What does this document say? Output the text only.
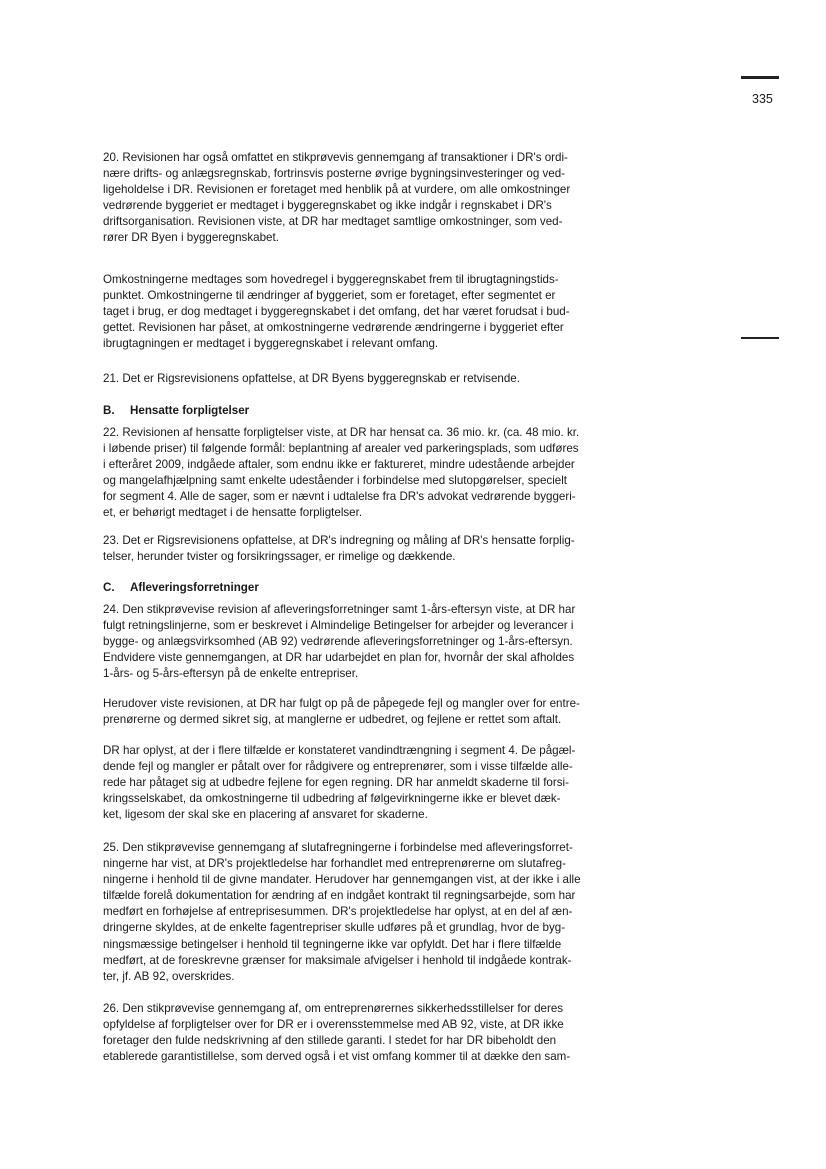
335
20. Revisionen har også omfattet en stikprøvevis gennemgang af transaktioner i DR's ordi-
nære drifts- og anlægsregnskab, fortrinsvis posterne øvrige bygningsinvesteringer og ved-
ligeholdelse i DR. Revisionen er foretaget med henblik på at vurdere, om alle omkostninger
vedrørende byggeriet er medtaget i byggeregnskabet og ikke indgår i regnskabet i DR's
driftsorganisation. Revisionen viste, at DR har medtaget samtlige omkostninger, som ved-
rører DR Byen i byggeregnskabet.
Omkostningerne medtages som hovedregel i byggeregnskabet frem til ibrugtagningstids-
punktet. Omkostningerne til ændringer af byggeriet, som er foretaget, efter segmentet er
taget i brug, er dog medtaget i byggeregnskabet i det omfang, det har været forudsat i bud-
gettet. Revisionen har påset, at omkostningerne vedrørende ændringerne i byggeriet efter
ibrugtagningen er medtaget i byggeregnskabet i relevant omfang.
21. Det er Rigsrevisionens opfattelse, at DR Byens byggeregnskab er retvisende.
B.	Hensatte forpligtelser
22. Revisionen af hensatte forpligtelser viste, at DR har hensat ca. 36 mio. kr. (ca. 48 mio. kr.
i løbende priser) til følgende formål: beplantning af arealer ved parkeringsplads, som udføres
i efteråret 2009, indgåede aftaler, som endnu ikke er faktureret, mindre udestående arbejder
og mangelafhjælpning samt enkelte udeståender i forbindelse med slutopgørelser, specielt
for segment 4. Alle de sager, som er nævnt i udtalelse fra DR's advokat vedrørende byggeri-
et, er behørigt medtaget i de hensatte forpligtelser.
23. Det er Rigsrevisionens opfattelse, at DR's indregning og måling af DR's hensatte forplig-
telser, herunder tvister og forsikringssager, er rimelige og dækkende.
C.	Afleveringsforretninger
24. Den stikprøvevise revision af afleveringsforretninger samt 1-års-eftersyn viste, at DR har
fulgt retningslinjerne, som er beskrevet i Almindelige Betingelser for arbejder og leverancer i
bygge- og anlægsvirksomhed (AB 92) vedrørende afleveringsforretninger og 1-års-eftersyn.
Endvidere viste gennemgangen, at DR har udarbejdet en plan for, hvornår der skal afholdes
1-års- og 5-års-eftersyn på de enkelte entrepriser.
Herudover viste revisionen, at DR har fulgt op på de påpegede fejl og mangler over for entre-
prenørerne og dermed sikret sig, at manglerne er udbedret, og fejlene er rettet som aftalt.
DR har oplyst, at der i flere tilfælde er konstateret vandindtrængning i segment 4. De pågæl-
dende fejl og mangler er påtalt over for rådgivere og entreprenører, som i visse tilfælde alle-
rede har påtaget sig at udbedre fejlene for egen regning. DR har anmeldt skaderne til forsi-
kringsselskabet, da omkostningerne til udbedring af følgevirkningerne ikke er blevet dæk-
ket, ligesom der skal ske en placering af ansvaret for skaderne.
25. Den stikprøvevise gennemgang af slutafregningerne i forbindelse med afleveringsforret-
ningerne har vist, at DR's projektledelse har forhandlet med entreprenørerne om slutafreg-
ningerne i henhold til de givne mandater. Herudover har gennemgangen vist, at der ikke i alle
tilfælde forelå dokumentation for ændring af en indgået kontrakt til regningsarbejde, som har
medført en forhøjelse af entreprisesummen. DR's projektledelse har oplyst, at en del af æn-
dringerne skyldes, at de enkelte fagentrepriser skulle udføres på et grundlag, hvor de byg-
ningsmæssige betingelser i henhold til tegningerne ikke var opfyldt. Det har i flere tilfælde
medført, at de foreskrevne grænser for maksimale afvigelser i henhold til indgåede kontrak-
ter, jf. AB 92, overskrides.
26. Den stikprøvevise gennemgang af, om entreprenørernes sikkerhedsstillelser for deres
opfyldelse af forpligtelser over for DR er i overensstemmelse med AB 92, viste, at DR ikke
foretager den fulde nedskrivning af den stillede garanti. I stedet for har DR bibeholdt den
etablerede garantistillelse, som derved også i et vist omfang kommer til at dække den sam-
